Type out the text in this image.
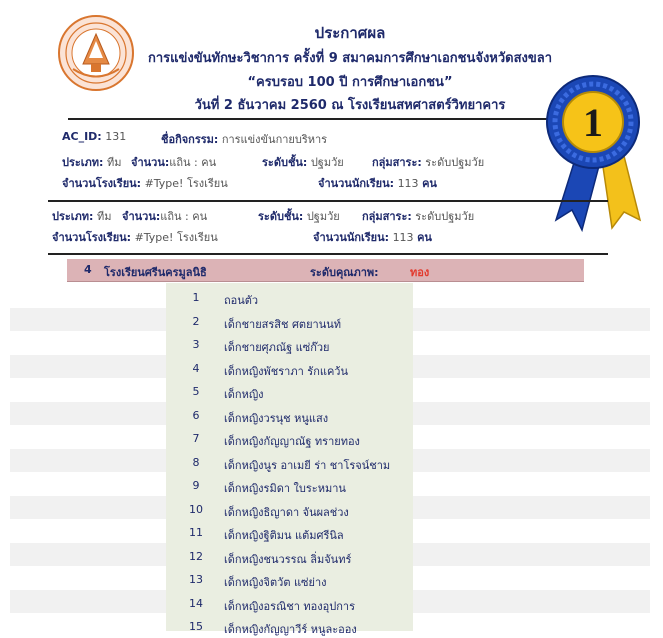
ประกาศผล
การแข่งขันทักษะวิชาการ ครั้งที่ 9 สมาคมการศึกษาเอกชนจังหวัดสงขลา
“ครบรอบ 100 ปี การศึกษาเอกชน”
วันที่ 2 ธันวาคม 2560 ณ โรงเรียนสหศาสตร์วิทยาคาร	1
AC_ID: 131	ชื่อกิจกรรม: การแข่งขันกายบริหาร
ประเภท: ทีม จำนวน:แถิน : คน	ระดับชั้น: ปฐมวัย	กลุ่มสาระ: ระดับปฐมวัย
จำนวนโรงเรียน: #Type! โรงเรียน	จำนวนนักเรียน: 113 คน
ประเภท: ทีม จำนวน:แถิน : คน	ระดับชั้น: ปฐมวัย กลุ่มสาระ: ระดับปฐมวัย
จำนวนโรงเรียน: #Type! โรงเรียน	จำนวนนักเรียน: 113 คน
4 โรงเรียนศรีนครมูลนิธิ	ระดับคุณภาพ:	ทอง
1	ถอนตัว
2	เด็กชายสรสิช ศตยานนท์
3	เด็กชายศุภณัฐ แซ่ก๊วย
4	เด็กหญิงพัชราภา รักแคว้น
5	เด็กหญิง
6	เด็กหญิงวรนุช หนูแสง
7	เด็กหญิงกัญญาณัฐ ทรายทอง
8	เด็กหญิงนูร อาเมยี ร่า ชาโรจน์ชาม
9	เด็กหญิงรมิดา ใบระหมาน
10	เด็กหญิงธิญาดา จันผลช่วง
11	เด็กหญิงฐิติมน แต้มศรีนิล
12	เด็กหญิงชนวรรณ ลิ่มจันทร์
13	เด็กหญิงจิตวัต แซ่ย่าง
14	เด็กหญิงอรณิชา ทองอุปการ
15	เด็กหญิงกัญญาวีร์ หนูละออง
